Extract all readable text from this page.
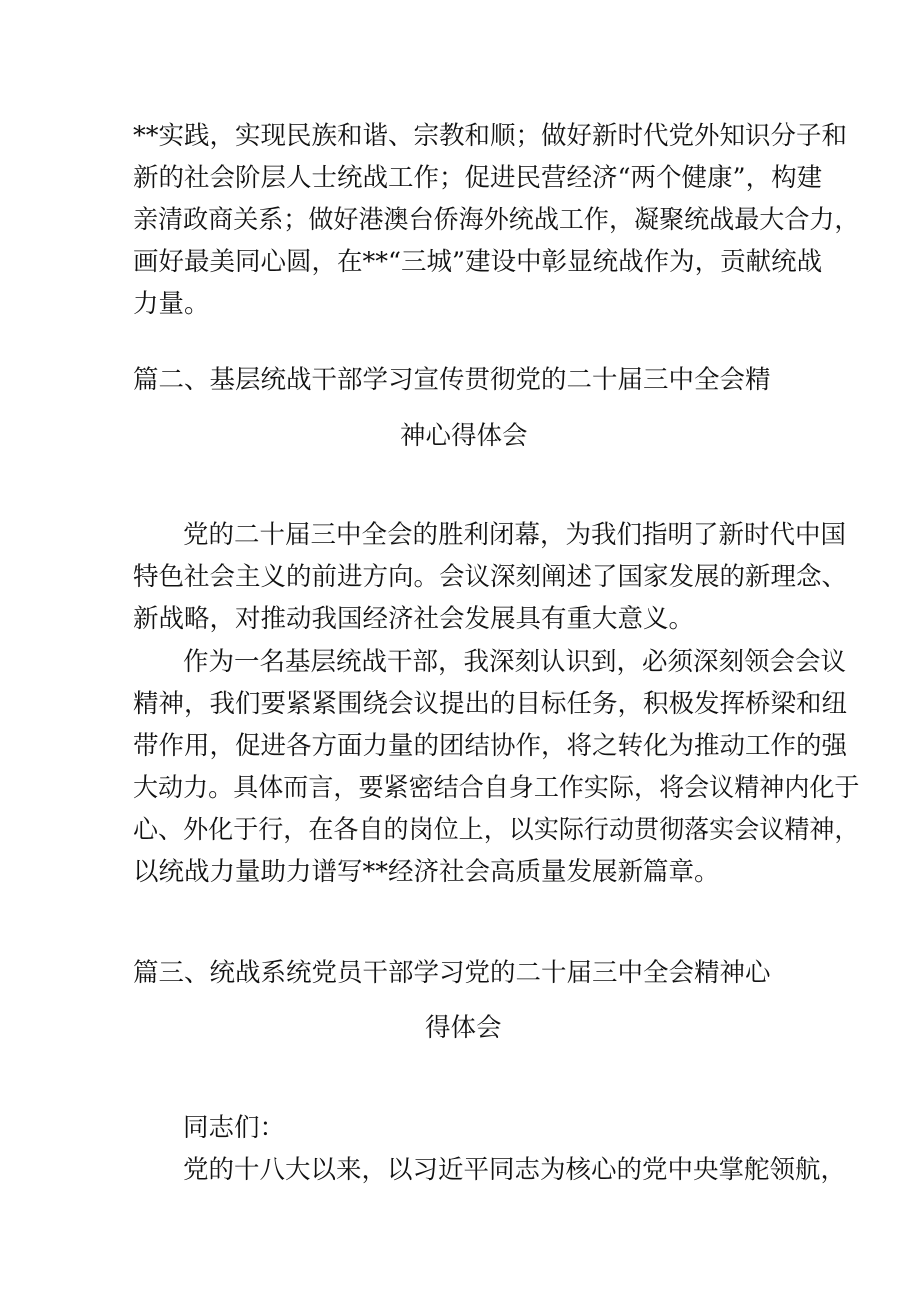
**实践，实现民族和谐、宗教和顺；做好新时代党外知识分子和
新的社会阶层人士统战工作；促进民营经济“两个健康”，构建
亲清政商关系；做好港澳台侨海外统战工作，凝聚统战最大合力，
画好最美同心圆，在**“三城”建设中彰显统战作为，贡献统战
力量。
篇二、基层统战干部学习宣传贯彻党的二十届三中全会精
神心得体会
党的二十届三中全会的胜利闭幕，为我们指明了新时代中国
特色社会主义的前进方向。会议深刻阐述了国家发展的新理念、
新战略，对推动我国经济社会发展具有重大意义。
作为一名基层统战干部，我深刻认识到，必须深刻领会会议
精神，我们要紧紧围绕会议提出的目标任务，积极发挥桥梁和纽
带作用，促进各方面力量的团结协作，将之转化为推动工作的强
大动力。具体而言，要紧密结合自身工作实际，将会议精神内化于
心、外化于行，在各自的岗位上，以实际行动贯彻落实会议精神，
以统战力量助力谱写**经济社会高质量发展新篇章。
篇三、统战系统党员干部学习党的二十届三中全会精神心
得体会
同志们：
党的十八大以来，以习近平同志为核心的党中央掌舵领航，
